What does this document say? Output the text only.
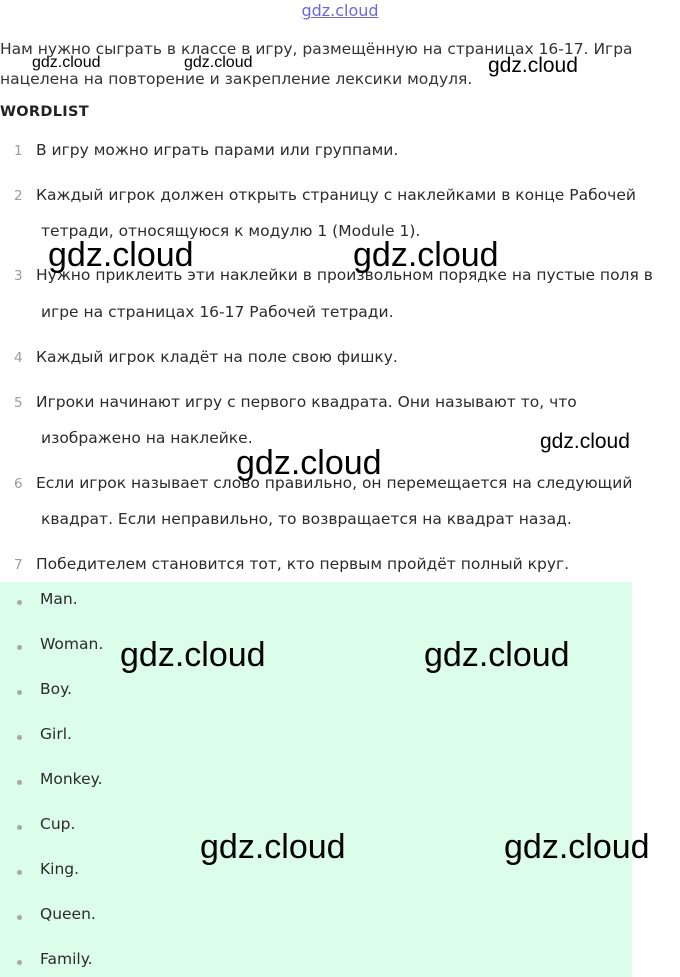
gdz.cloud
Нам нужно сыграть в классе в игру, размещённую на страницах 16-17. Игра нацелена на повторение и закрепление лексики модуля.
WORDLIST
1 В игру можно играть парами или группами.
2 Каждый игрок должен открыть страницу с наклейками в конце Рабочей
тетради, относящуюся к модулю 1 (Module 1).
3 Нужно приклеить эти наклейки в произвольном порядке на пустые поля в
игре на страницах 16-17 Рабочей тетради.
4 Каждый игрок кладёт на поле свою фишку.
5 Игроки начинают игру с первого квадрата. Они называют то, что
изображено на наклейке.
6 Если игрок называет слово правильно, он перемещается на следующий
квадрат. Если неправильно, то возвращается на квадрат назад.
7 Победителем становится тот, кто первым пройдёт полный круг.
Man.
Woman.
Boy.
Girl.
Monkey.
Cup.
King.
Queen.
Family.
gdz.cloud	gdz.cloud	gdz.cloud
gdz.cloud	gdz.cloud
gdz.cloud
gdz.cloud
gdz.cloud	gdz.cloud
gdz.cloud	gdz.cloud
